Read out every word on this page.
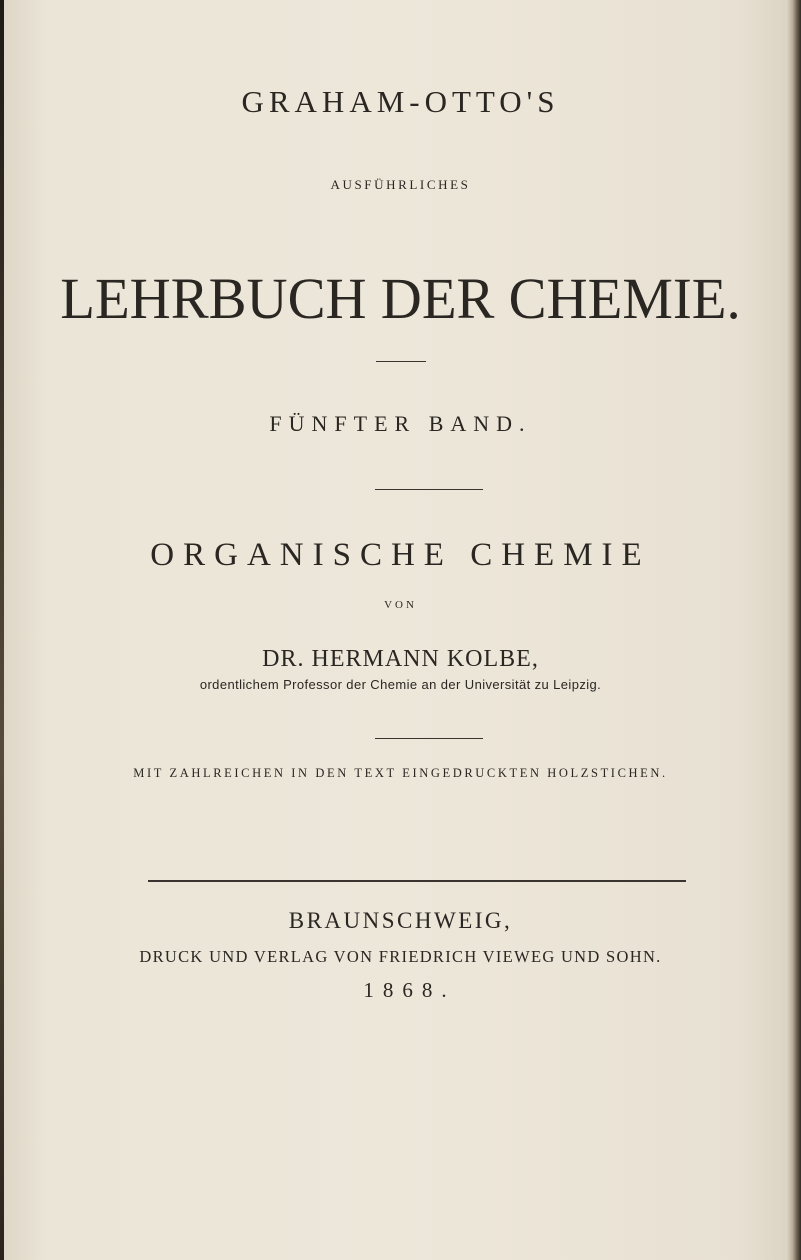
GRAHAM-OTTO'S
AUSFÜHRLICHES
LEHRBUCH DER CHEMIE.
FÜNFTER BAND.
ORGANISCHE CHEMIE
VON
DR. HERMANN KOLBE,
ordentlichem Professor der Chemie an der Universität zu Leipzig.
MIT ZAHLREICHEN IN DEN TEXT EINGEDRUCKTEN HOLZSTICHEN.
BRAUNSCHWEIG,
DRUCK UND VERLAG VON FRIEDRICH VIEWEG UND SOHN.
1868.
